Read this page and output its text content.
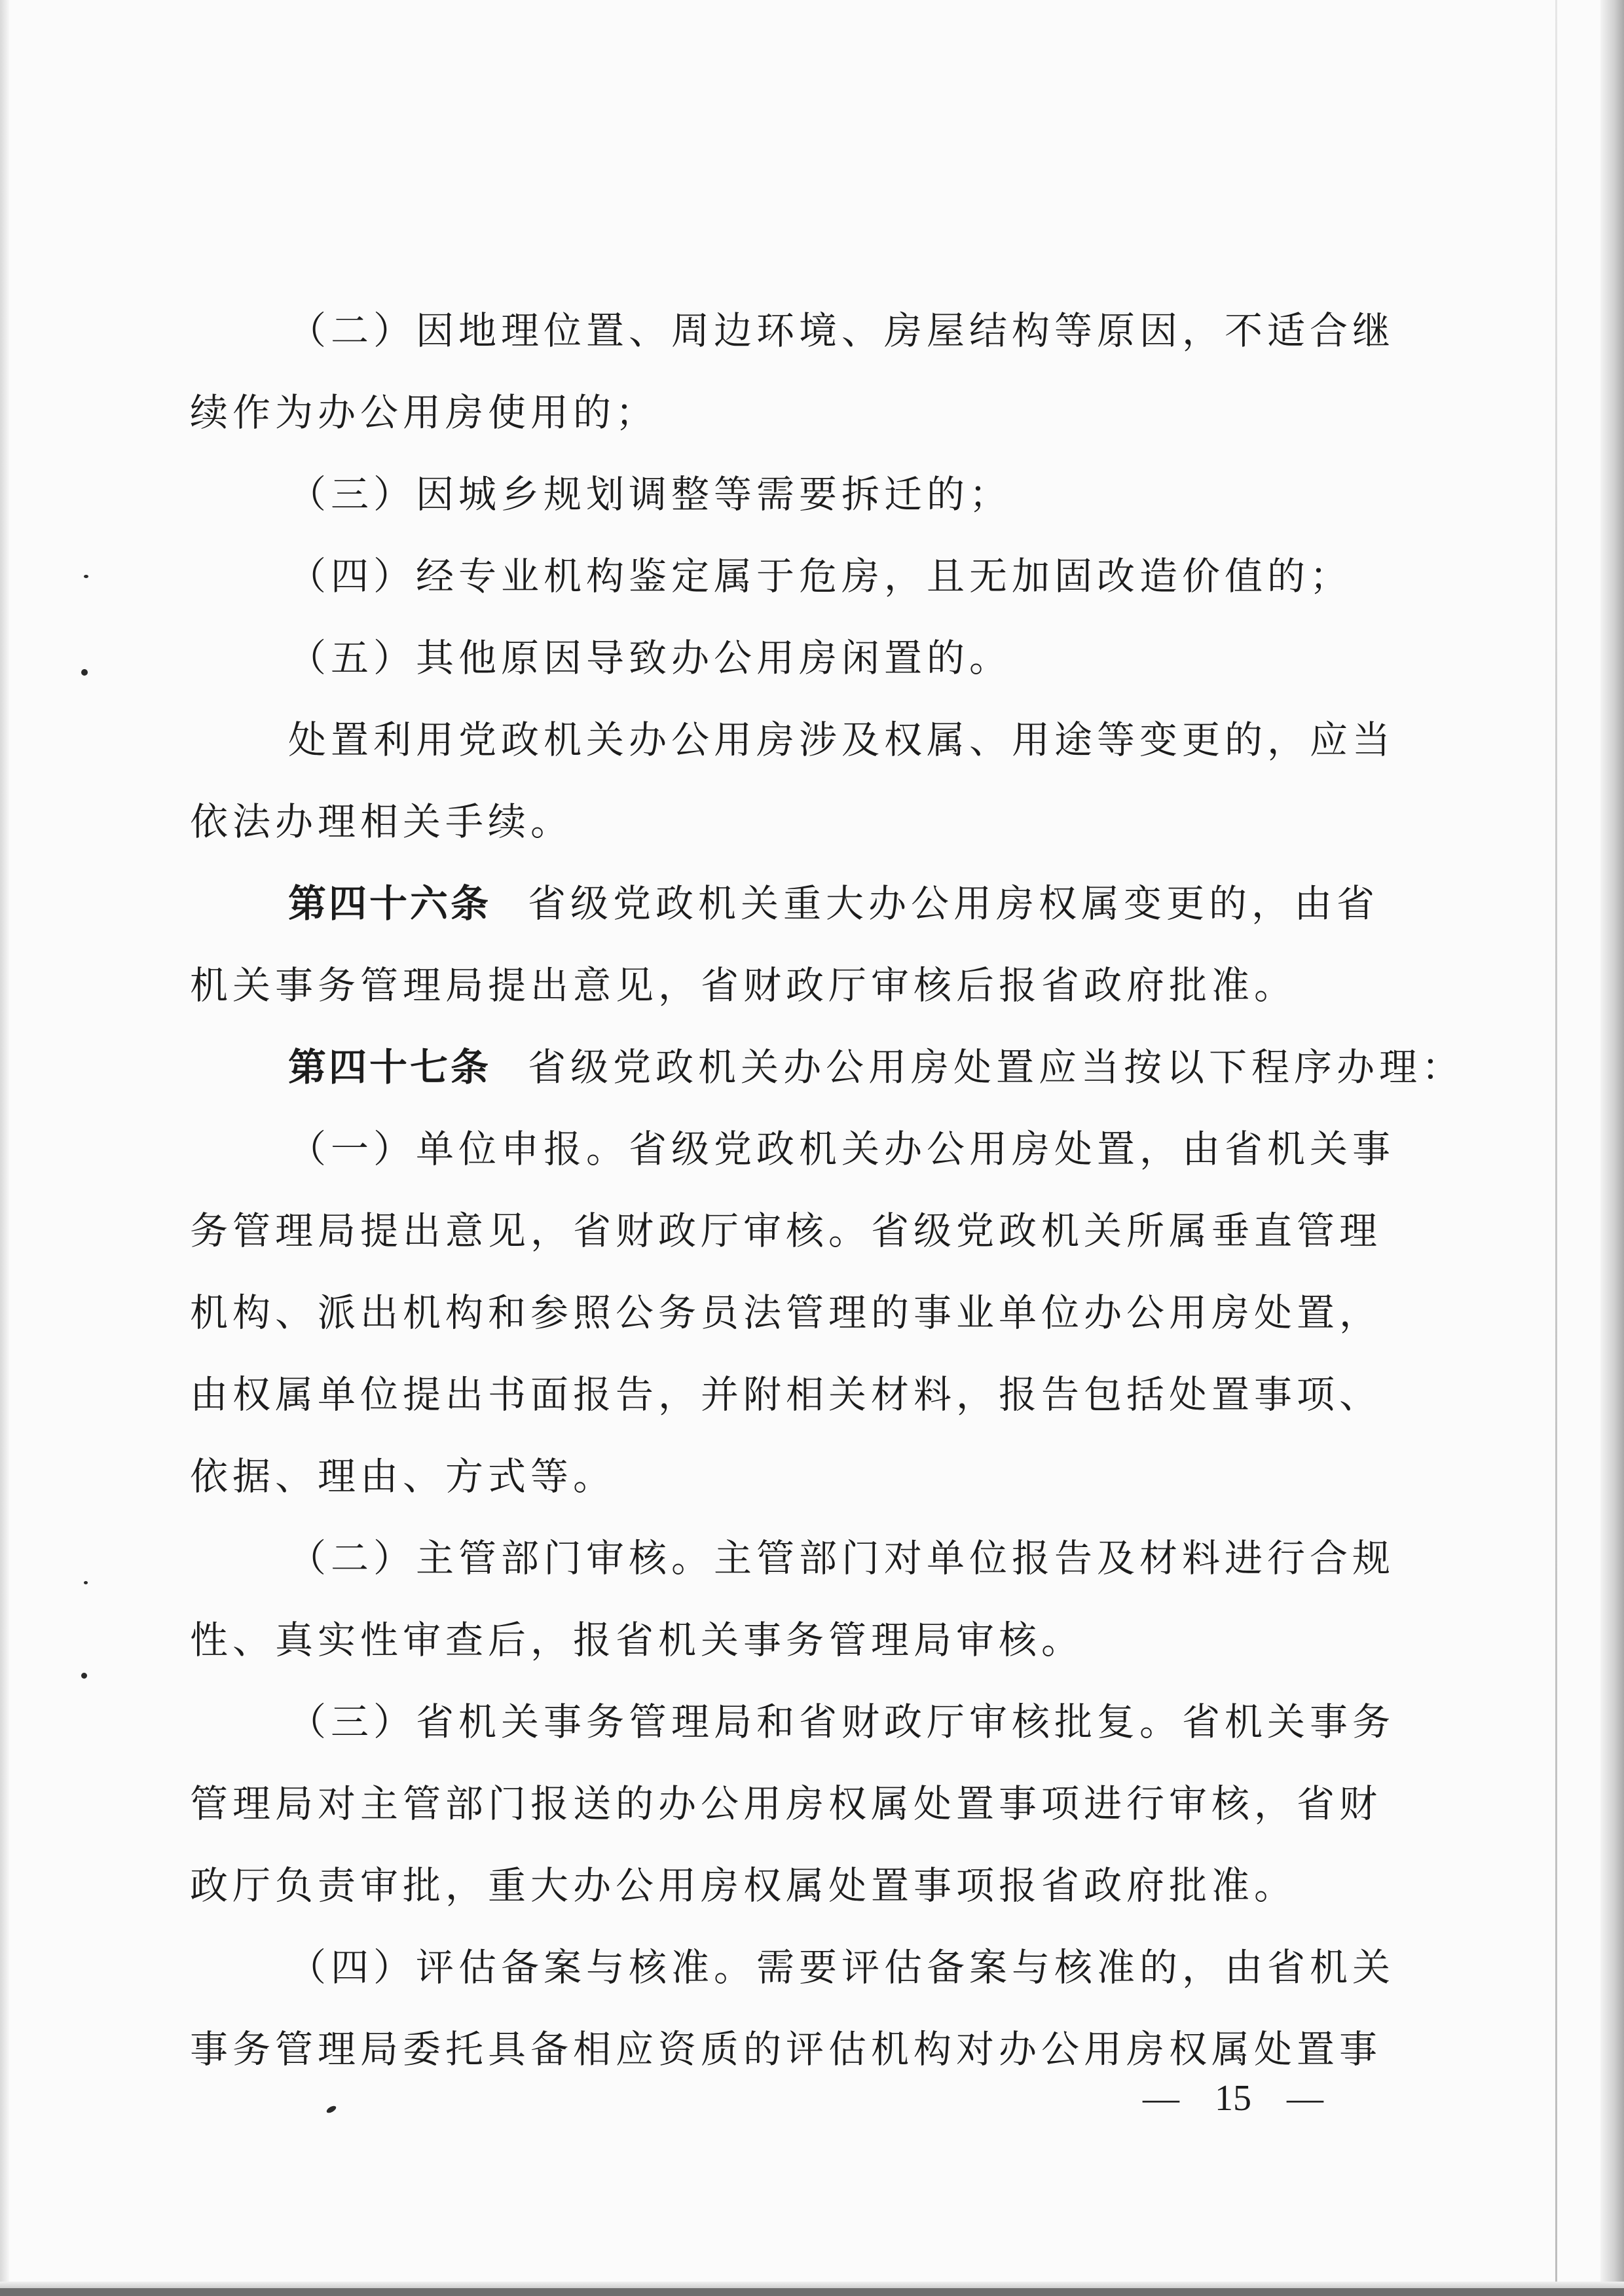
（二）因地理位置、周边环境、房屋结构等原因，不适合继
续作为办公用房使用的；
（三）因城乡规划调整等需要拆迁的；
（四）经专业机构鉴定属于危房，且无加固改造价值的；
（五）其他原因导致办公用房闲置的。
处置利用党政机关办公用房涉及权属、用途等变更的，应当
依法办理相关手续。
第四十六条 省级党政机关重大办公用房权属变更的，由省
机关事务管理局提出意见，省财政厅审核后报省政府批准。
第四十七条 省级党政机关办公用房处置应当按以下程序办理：
（一）单位申报。省级党政机关办公用房处置，由省机关事
务管理局提出意见，省财政厅审核。省级党政机关所属垂直管理
机构、派出机构和参照公务员法管理的事业单位办公用房处置，
由权属单位提出书面报告，并附相关材料，报告包括处置事项、
依据、理由、方式等。
（二）主管部门审核。主管部门对单位报告及材料进行合规
性、真实性审查后，报省机关事务管理局审核。
（三）省机关事务管理局和省财政厅审核批复。省机关事务
管理局对主管部门报送的办公用房权属处置事项进行审核，省财
政厅负责审批，重大办公用房权属处置事项报省政府批准。
（四）评估备案与核准。需要评估备案与核准的，由省机关
事务管理局委托具备相应资质的评估机构对办公用房权属处置事
— 15 —
